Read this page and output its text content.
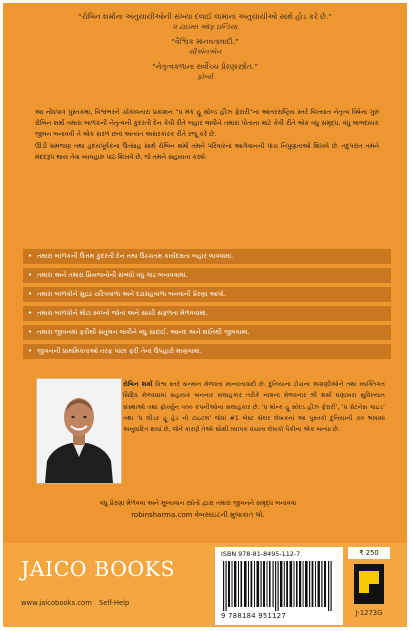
“રોબિન શર્માના અનુયાયીઓની સંખ્યા દલાઈ લામાના અનુયાયીઓ સાથે હોડ કરે છે.”
ધ ટાઇમ્સ ઑફ ઇન્ડિયા
“વૈશ્વિક માનવતાવાદી.”
સીએનએન
“નેતૃત્વકળાના સર્વોચ્ચ પ્રેરણાસ્ત્રોત.”
ફોર્બ્સ

આ નોંધપાત્ર પુસ્તકમાં, વિશ્વભરને ચોંકાવનારા પ્રકાશન “ધ મંક હૂ સોલ્ડ હીઝ ફેરારી”નાં આંતરરાષ્ટ્રિય સ્તરે વિખ્યાત નેતૃત્વ વિષેના ગુરુ રોબિન શર્મા તમારા બાળકની નેતૃત્વની કુદરતી દેન કેવી રીતે બહાર લાવીને તમારા પોતાના માટે કેવી રીતે એક વધુ સમૃદ્ધ, વધુ લાભદાયક જીવન બનાવવી તે એક સરળ છતાં અત્યંત અસરકારક રીતે રજૂ કરે છે.

ઊંડી સમજણ તથા હૃદયપૂર્વકના ઉત્સાહ સાથે રોબિન શર્મા તમને પરિવારનાં આગેવાનની પાંચ નિપુણતાઓ શિખવે છે. તદુપરાંત તમને મદદરૂપ થાય તેવા વ્યવહારુ પાઠ શિખવે છે, જે તમને સહાયતા કરશેઃ

• તમારા બાળકની ઉત્તમ કુદરતી દેન તથા ઉચ્ચતમ કાર્યદક્ષતા બહાર લાવવામાં.
• તમારા અને તમારા પ્રિયજનોની સંબંધો વધુ ગાઢ બનાવવામાં.
• તમારા બાળકોને સુદ્રઢ ચરિત્રવાળા અને દઢાગ્રહવાળા બનવાની પ્રેરણા આપો.
• તમારા બાળકોને મોટા સ્વપ્નો જોતાં અને સાચી સફળતા મેળવવામાં.
• તમારા જીવનમાં ફરીથી સંતુલન લાવીને વધુ સાદાઈ, આનંદ અને શાંતિથી જીવવામાં.
• જીવનની પ્રાથમિકતાઓ તરફ પાછા ફરી તેનાં ઉપહારો માણવામાં.
રોબિન શર્મા વિશ્વ સ્તરે સન્માન મેળવતા માનવતાવાદી છે. દુનિયાના ટોચના અગ્રણીઓને તથા વ્યક્તિગત સિદ્ધિ મેળવવામાં સહાયક બનનાર સલાહકાર તરીકે નામના મેળવનાર શ્રી શર્મા ઘણાખરા સુવિખ્યાત સંસ્થાઓ તથા ફોર્ચ્યુન ૫૦૦ કંપનીઓના સલાહકાર છે. ‘ધ મૉન્ક હૂ સોલ્ડ હીઝ ફેરારી’, ‘ધ ગ્રેટનેસ ગાઇડ’ તથા ‘ધ લીડર હૂ હેડ નો ટાઇટલ’ જેવાં #1 બેસ્ટ સેલર લેખકનાં આ પુસ્તકો દુનિયાની ૭૦ ભાષામાં અનુવાદિત થયાં છે, જેને કારણે તેઓ સૌથી વ્યાપક વંચાતા લેખકો પૈકીના એક બન્યા છે.
વધુ પ્રેરણા મેળવવા અને મૂલ્યવાન સ્ત્રોતો દ્વારા તમારા જીવનને સમૃદ્ધ બનાવવા
robinsharma.com વેબસાઇટની મુલાકાત લો.
JAICO BOOKS
www.jaicobooks.com Self-Help
ISBN 978-81-8495-112-7
9 788184 951127
₹ 250
J-1273G
